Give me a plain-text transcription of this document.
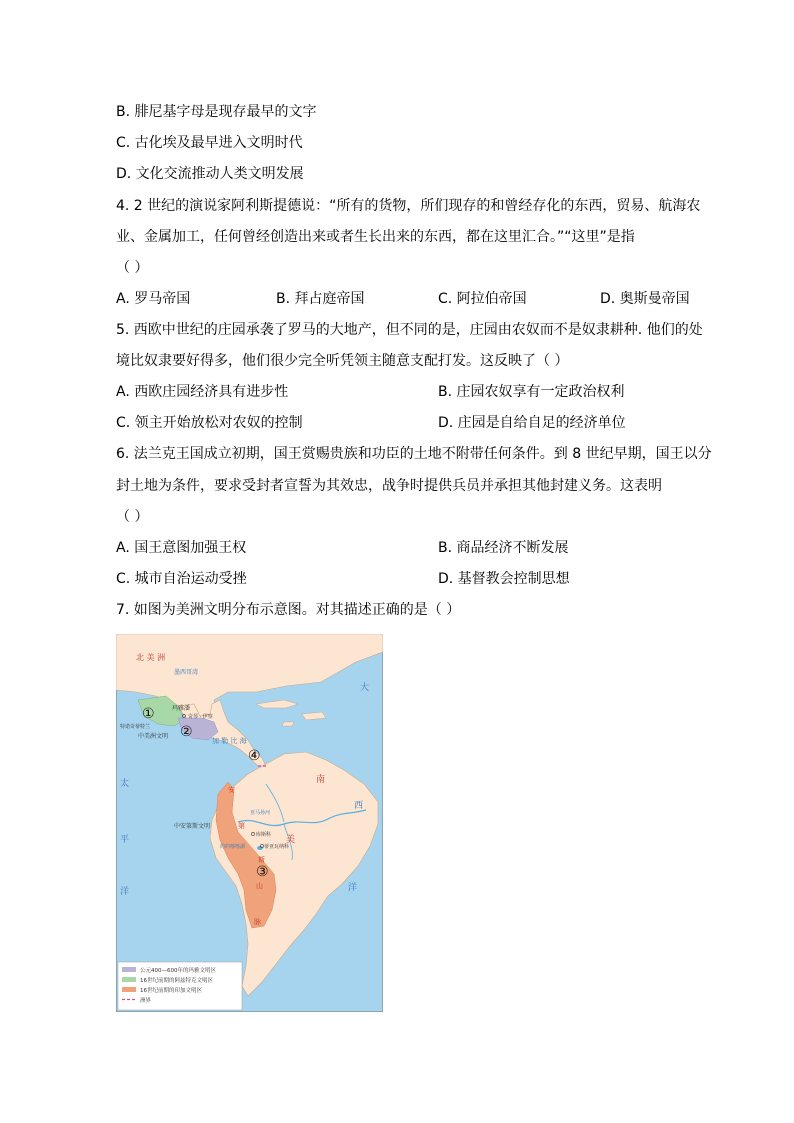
B. 腓尼基字母是现存最早的文字
C. 古化埃及最早进入文明时代
D. 文化交流推动人类文明发展
4. 2 世纪的演说家阿利斯提德说：“所有的货物，所们现存的和曾经存化的东西，贸易、航海农
业、金属加工，任何曾经创造出来或者生长出来的东西，都在这里汇合。”“这里”是指
（ ）
A. 罗马帝国	B. 拜占庭帝国	C. 阿拉伯帝国	D. 奥斯曼帝国
5. 西欧中世纪的庄园承袭了罗马的大地产，但不同的是，庄园由农奴而不是奴隶耕种. 他们的处
境比奴隶要好得多，他们很少完全听凭领主随意支配打发。这反映了（ ）
A. 西欧庄园经济具有进步性	B. 庄园农奴享有一定政治权利
C. 领主开始放松对农奴的控制	D. 庄园是自给自足的经济单位
6. 法兰克王国成立初期，国王赏赐贵族和功臣的土地不附带任何条件。到 8 世纪早期，国王以分
封土地为条件，要求受封者宣誓为其效忠，战争时提供兵员并承担其他封建义务。这表明
（ ）
A. 国王意图加强王权	B. 商品经济不断发展
C. 城市自治运动受挫	D. 基督教会控制思想
7. 如图为美洲文明分布示意图。对其描述正确的是（ ）
北 美 洲
墨西哥湾
加 勒 比 海
大
西
洋
太
平
洋
亚马孙河
的的喀喀湖
玛雅潘
奇琴 · 伊察
特诺奇蒂特兰
中美洲文明
中安第斯文明
库斯科
蒂亚瓦纳科
南
美
安
第
斯
山
脉
①
②
③
④
公元400—600年的玛雅文明区
16世纪前期的阿兹特克文明区
16世纪前期的印加文明区
洲界
